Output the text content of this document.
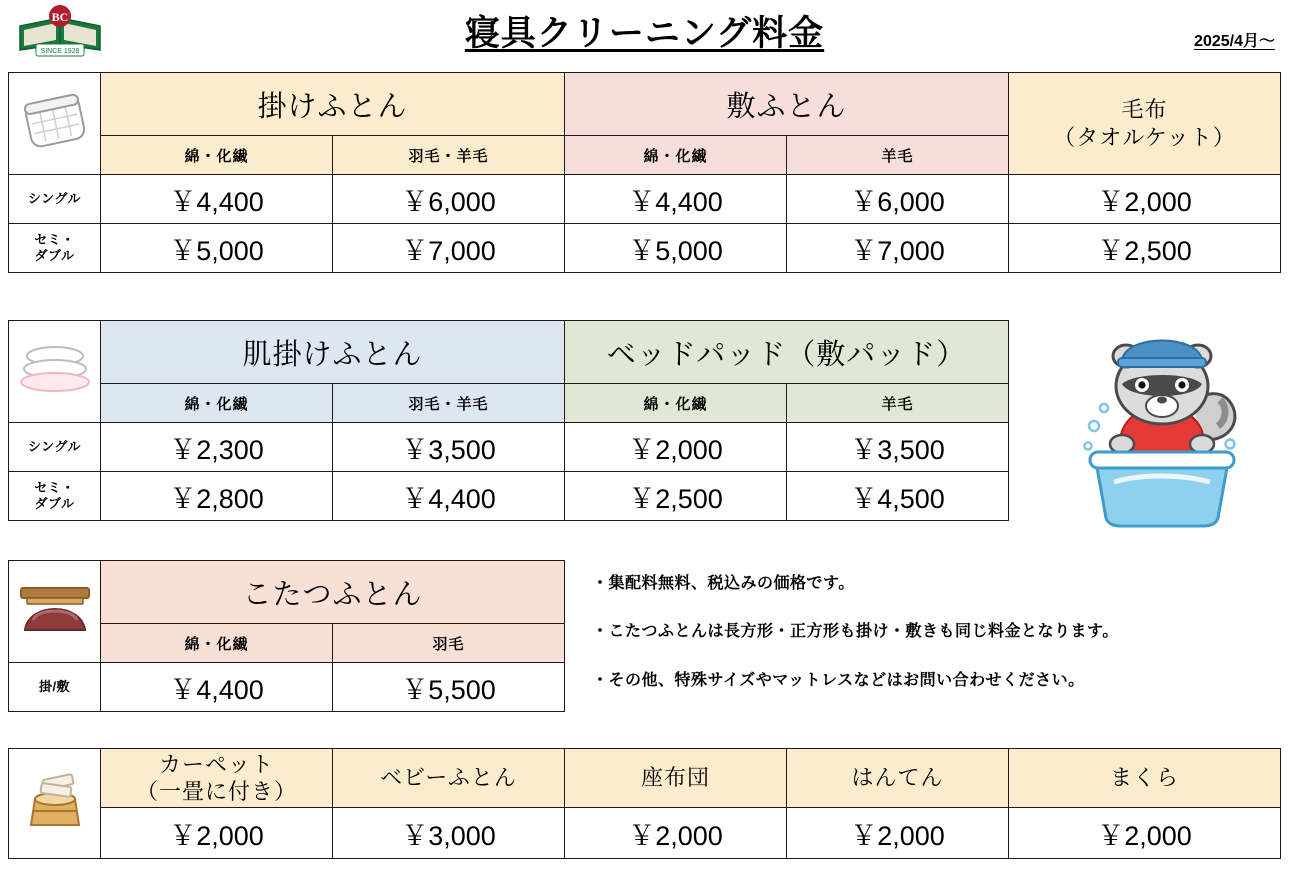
BC
SINCE 1928	寝具クリーニング料金	2025/4月～
	掛けふとん		敷ふとん		毛布
（タオルケット）

	綿・化繊	羽毛・羊毛	綿・化繊	羊毛	

シングル	￥4,400	￥6,000	￥4,400	￥6,000	￥2,000

セミ・
ダブル	￥5,000	￥7,000	￥5,000	￥7,000	￥2,500
	肌掛けふとん		ベッドパッド（敷パッド）	
	綿・化繊	羽毛・羊毛	綿・化繊	羊毛

シングル	￥2,300	￥3,500	￥2,000	￥3,500

セミ・
ダブル	￥2,800	￥4,400	￥2,500	￥4,500
	こたつふとん	
	綿・化繊	羽毛

掛/敷	￥4,400	￥5,500
・集配料無料、税込みの価格です。
・こたつふとんは長方形・正方形も掛け・敷きも同じ料金となります。
・その他、特殊サイズやマットレスなどはお問い合わせください。

カーペット
（一畳に付き）	ベビーふとん	座布団	はんてん	まくら
	￥2,000	￥3,000	￥2,000	￥2,000	￥2,000
